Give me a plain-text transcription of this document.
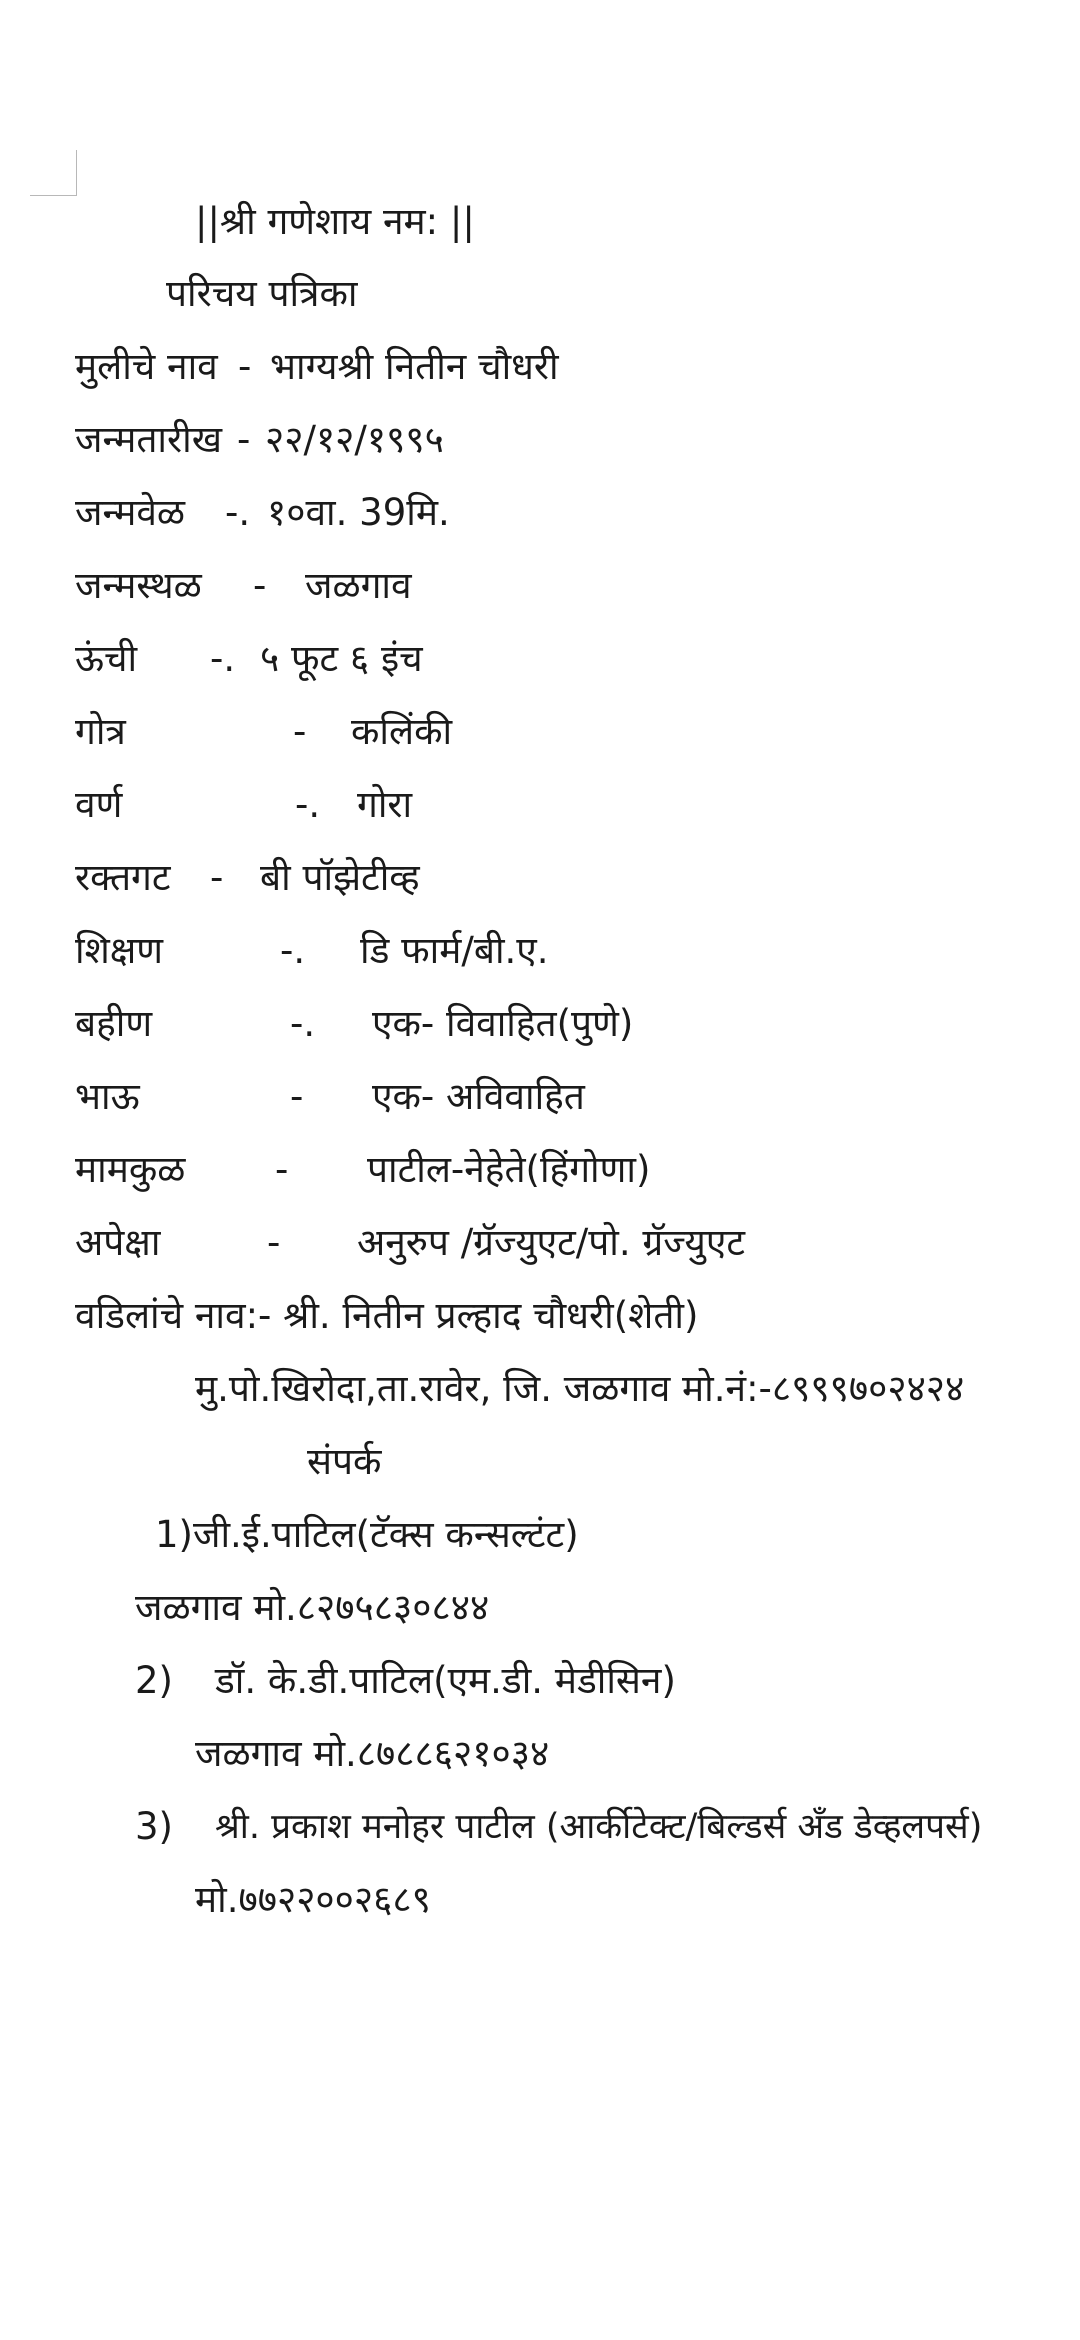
||श्री गणेशाय नम: ||
परिचय पत्रिका
मुलीचे नाव - भाग्यश्री नितीन चौधरी
जन्मतारीख - २२/१२/१९९५
जन्मवेळ -. १०वा. 39मि.
जन्मस्थळ - जळगाव
ऊंची -. ५ फूट ६ इंच
गोत्र	- कलिंकी
वर्ण	-. गोरा
रक्तगट - बी पॉझेटीव्ह
शिक्षण	-. डि फार्म/बी.ए.
बहीण	-. एक- विवाहित(पुणे)
भाऊ	- एक- अविवाहित
मामकुळ - पाटील-नेहेते(हिंगोणा)
अपेक्षा	- अनुरुप /ग्रॅज्युएट/पो. ग्रॅज्युएट
वडिलांचे नाव:- श्री. नितीन प्रल्हाद चौधरी(शेती)
मु.पो.खिरोदा,ता.रावेर, जि. जळगाव मो.नं:-८९९९७०२४२४
संपर्क
1)जी.ई.पाटिल(टॅक्स कन्सल्टंट)
जळगाव मो.८२७५८३०८४४
2) डॉ. के.डी.पाटिल(एम.डी. मेडीसिन)
जळगाव मो.८७८८६२१०३४
3) श्री. प्रकाश मनोहर पाटील (आर्कीटेक्ट/बिल्डर्स अँड डेव्हलपर्स)
मो.७७२२००२६८९
